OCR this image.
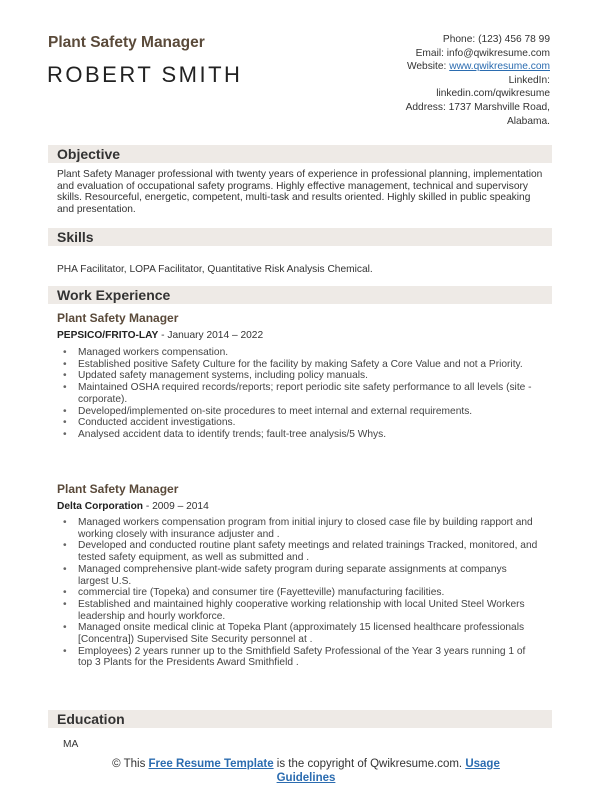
Plant Safety Manager
ROBERT SMITH
Phone: (123) 456 78 99
Email: info@qwikresume.com
Website: www.qwikresume.com
LinkedIn:
linkedin.com/qwikresume
Address: 1737 Marshville Road,
Alabama.
Objective
Plant Safety Manager professional with twenty years of experience in professional planning, implementation and evaluation of occupational safety programs. Highly effective management, technical and supervisory skills. Resourceful, energetic, competent, multi-task and results oriented. Highly skilled in public speaking and presentation.
Skills
PHA Facilitator, LOPA Facilitator, Quantitative Risk Analysis Chemical.
Work Experience
Plant Safety Manager
PEPSICO/FRITO-LAY - January 2014 – 2022
• Managed workers compensation.
• Established positive Safety Culture for the facility by making Safety a Core Value and not a Priority.
• Updated safety management systems, including policy manuals.
• Maintained OSHA required records/reports; report periodic site safety performance to all levels (site - corporate).
• Developed/implemented on-site procedures to meet internal and external requirements.
• Conducted accident investigations.
• Analysed accident data to identify trends; fault-tree analysis/5 Whys.
Plant Safety Manager
Delta Corporation - 2009 – 2014
• Managed workers compensation program from initial injury to closed case file by building rapport and working closely with insurance adjuster and .
• Developed and conducted routine plant safety meetings and related trainings Tracked, monitored, and tested safety equipment, as well as submitted and .
• Managed comprehensive plant-wide safety program during separate assignments at companys largest U.S.
• commercial tire (Topeka) and consumer tire (Fayetteville) manufacturing facilities.
• Established and maintained highly cooperative working relationship with local United Steel Workers leadership and hourly workforce.
• Managed onsite medical clinic at Topeka Plant (approximately 15 licensed healthcare professionals [Concentra]) Supervised Site Security personnel at .
• Employees) 2 years runner up to the Smithfield Safety Professional of the Year 3 years running 1 of top 3 Plants for the Presidents Award Smithfield .
Education
MA
© This Free Resume Template is the copyright of Qwikresume.com. Usage
Guidelines
